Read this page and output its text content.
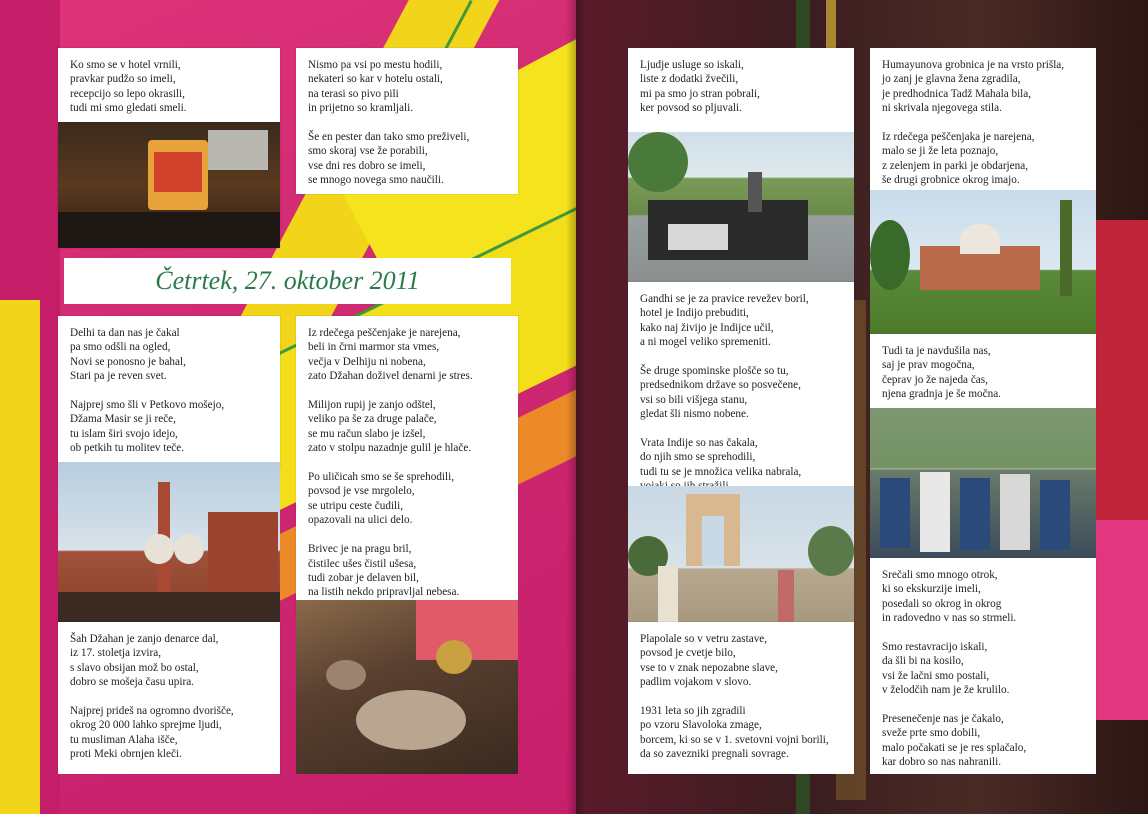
Ko smo se v hotel vrnili,
pravkar pudžo so imeli,
recepcijo so lepo okrasili,
tudi mi smo gledati smeli.
Nismo pa vsi po mestu hodili,
nekateri so kar v hotelu ostali,
na terasi so pivo pili
in prijetno so kramljali.

Še en pester dan tako smo preživeli,
smo skoraj vse že porabili,
vse dni res dobro se imeli,
se mnogo novega smo naučili.
Četrtek, 27. oktober 2011
Delhi ta dan nas je čakal
pa smo odšli na ogled,
Novi se ponosno je bahal,
Stari pa je reven svet.

Najprej smo šli v Petkovo mošejo,
Džama Masir se ji reče,
tu islam širi svojo idejo,
ob petkih tu molitev teče.
Šah Džahan je zanjo denarce dal,
iz 17. stoletja izvira,
s slavo obsijan mož bo ostal,
dobro se mošeja času upira.

Najprej prideš na ogromno dvorišče,
okrog 20 000 lahko sprejme ljudi,
tu musliman Alaha išče,
proti Meki obrnjen kleči.
Iz rdečega peščenjake je narejena,
beli in črni marmor sta vmes,
večja v Delhiju ni nobena,
zato Džahan doživel denarni je stres.

Milijon rupij je zanjo odštel,
veliko pa še za druge palače,
se mu račun slabo je izšel,
zato v stolpu nazadnje gulil je hlače.

Po uličicah smo se še sprehodili,
povsod je vse mrgolelo,
se utripu ceste čudili,
opazovali na ulici delo.

Brivec je na pragu bril,
čistilec ušes čistil ušesa,
tudi zobar je delaven bil,
na listih nekdo pripravljal nebesa.
Ljudje usluge so iskali,
liste z dodatki žvečili,
mi pa smo jo stran pobrali,
ker povsod so pljuvali.
Gandhi se je za pravice revežev boril,
hotel je Indijo prebuditi,
kako naj živijo je Indijce učil,
a ni mogel veliko spremeniti.

Še druge spominske plošče so tu,
predsednikom države so posvečene,
vsi so bili višjega stanu,
gledat šli nismo nobene.

Vrata Indije so nas čakala,
do njih smo se sprehodili,
tudi tu se je množica velika nabrala,

Plapolale so v vetru zastave,
povsod je cvetje bilo,
vse to v znak nepozabne slave,
padlim vojakom v slovo.

1931 leta so jih zgradili
po vzoru Slavoloka zmage,
borcem, ki so se v 1. svetovni vojni borili,
da so zavezniki pregnali sovrage.
Humayunova grobnica je na vrsto prišla,
jo zanj je glavna žena zgradila,
je predhodnica Tadž Mahala bila,
ni skrivala njegovega stila.

Iz rdečega peščenjaka je narejena,
malo se ji že leta poznajo,
z zelenjem in parki je obdarjena,
še drugi grobnice okrog imajo.
Tudi ta je navdušila nas,
saj je prav mogočna,
čeprav jo že najeda čas,
njena gradnja je še močna.
Srečali smo mnogo otrok,
ki so ekskurzije imeli,
posedali so okrog in okrog
in radovedno v nas so strmeli.

Smo restavracijo iskali,
da šli bi na kosilo,
vsi že lačni smo postali,
v želodčih nam je že krulilo.

Presenečenje nas je čakalo,
sveže prte smo dobili,
malo počakati se je res splačalo,
kar dobro so nas nahranili.
